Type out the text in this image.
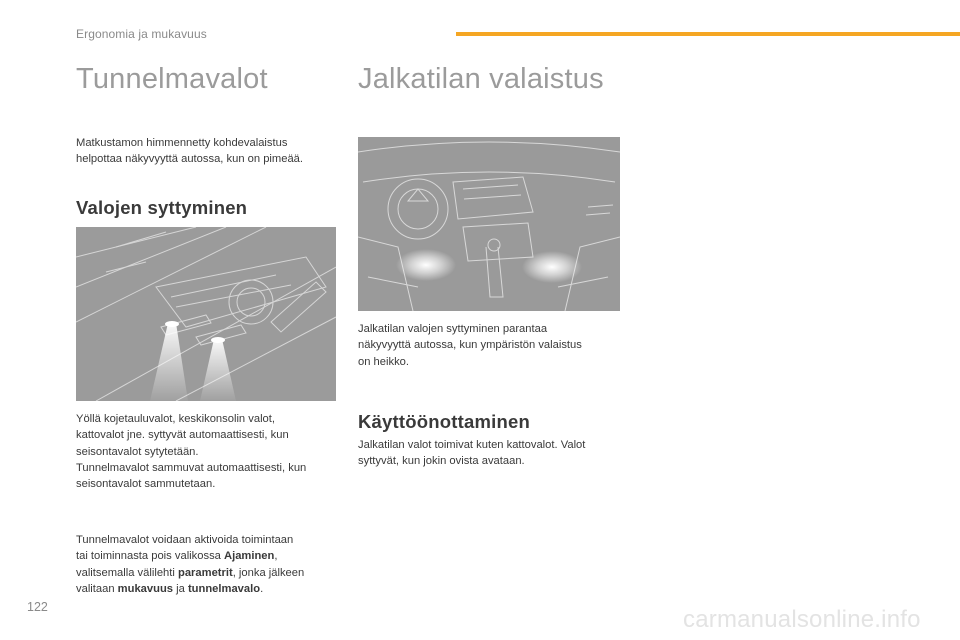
Ergonomia ja mukavuus
Tunnelmavalot

Matkustamon himmennetty kohdevalaistus

helpottaa näkyvyyttä autossa, kun on pimeää.

Valojen syttyminen

Yöllä kojetauluvalot, keskikonsolin valot,

kattovalot jne. syttyvät automaattisesti, kun

seisontavalot sytytetään.

Tunnelmavalot sammuvat automaattisesti, kun

seisontavalot sammutetaan.

Tunnelmavalot voidaan aktivoida toimintaan

tai toiminnasta pois valikossa Ajaminen,

valitsemalla välilehti parametrit, jonka jälkeen

valitaan mukavuus ja tunnelmavalo.

Jalkatilan valaistus

Jalkatilan valojen syttyminen parantaa

näkyvyyttä autossa, kun ympäristön valaistus

on heikko.

Käyttöönottaminen

Jalkatilan valot toimivat kuten kattovalot. Valot

syttyvät, kun jokin ovista avataan.

122	carmanualsonline.info
